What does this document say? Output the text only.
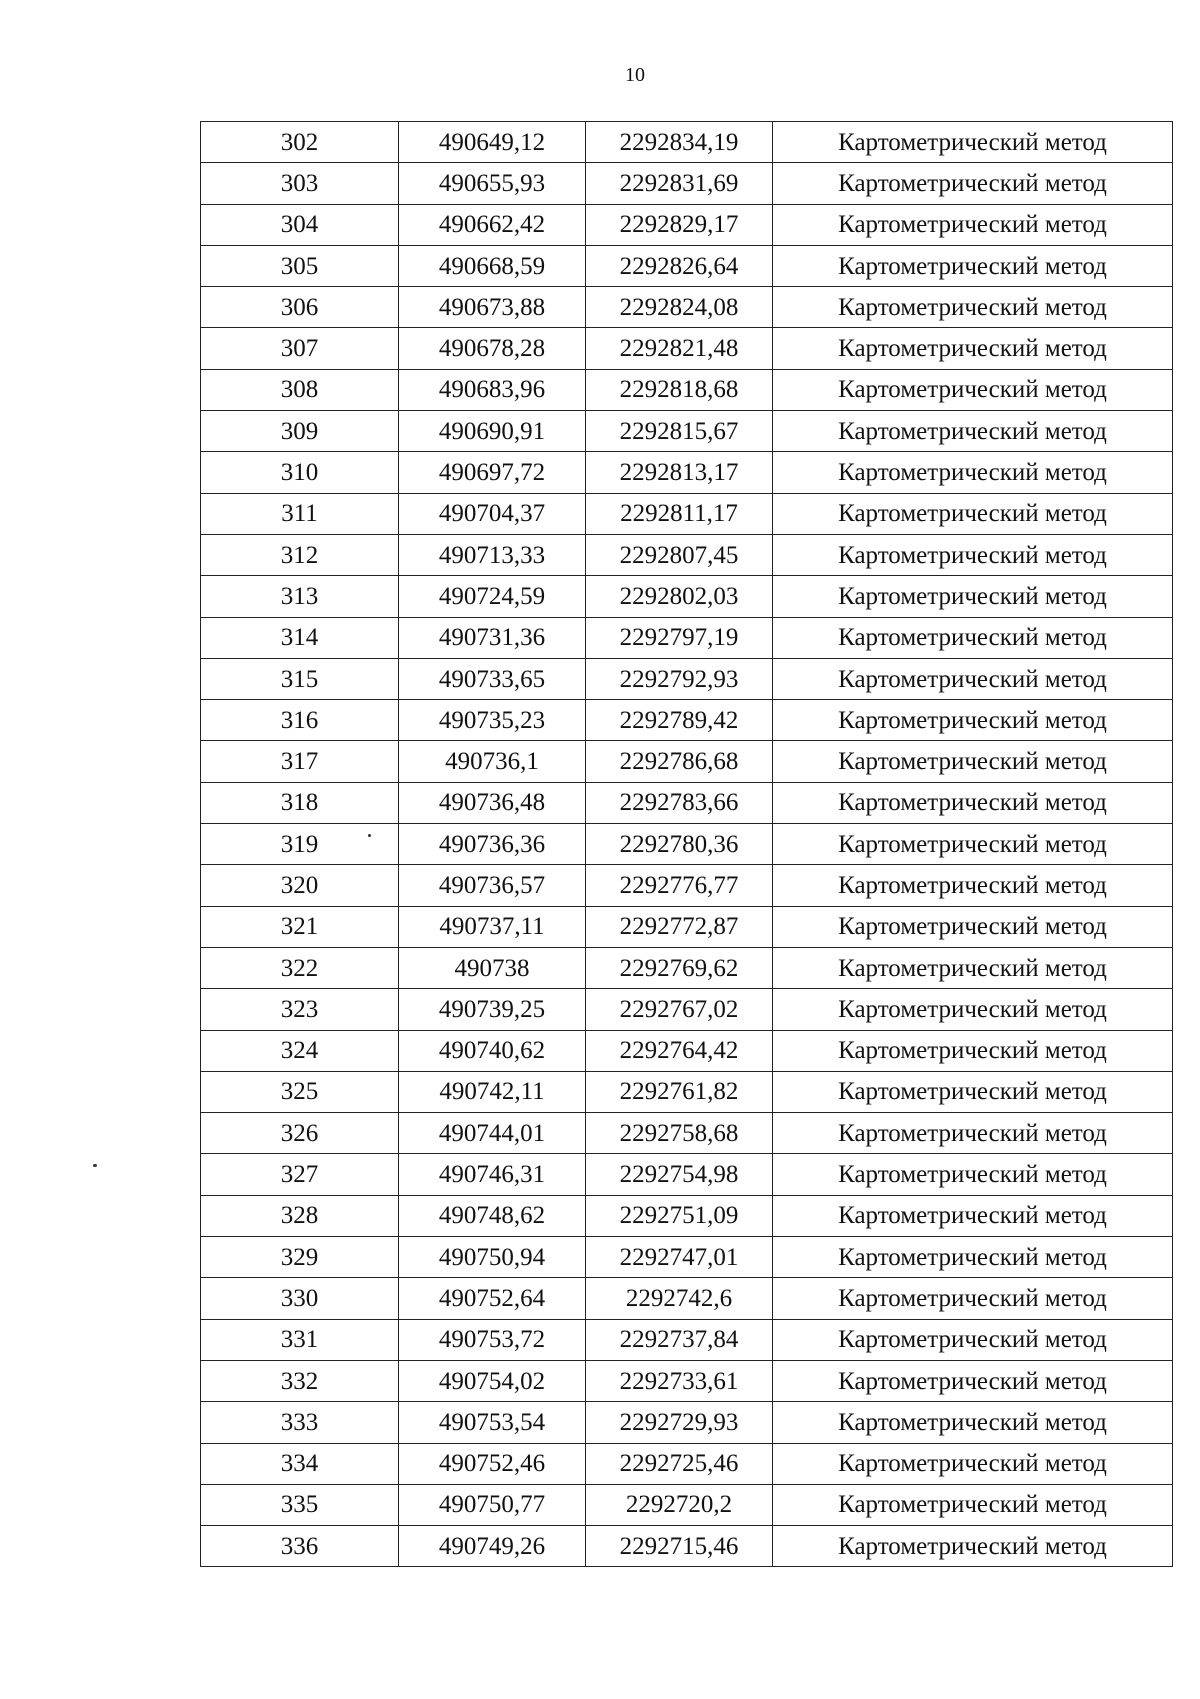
10
302	490649,12	2292834,19	Картометрический метод
303	490655,93	2292831,69	Картометрический метод
304	490662,42	2292829,17	Картометрический метод
305	490668,59	2292826,64	Картометрический метод
306	490673,88	2292824,08	Картометрический метод
307	490678,28	2292821,48	Картометрический метод
308	490683,96	2292818,68	Картометрический метод
309	490690,91	2292815,67	Картометрический метод
310	490697,72	2292813,17	Картометрический метод
311	490704,37	2292811,17	Картометрический метод
312	490713,33	2292807,45	Картометрический метод
313	490724,59	2292802,03	Картометрический метод
314	490731,36	2292797,19	Картометрический метод
315	490733,65	2292792,93	Картометрический метод
316	490735,23	2292789,42	Картометрический метод
317	490736,1	2292786,68	Картометрический метод
318	490736,48	2292783,66	Картометрический метод
319	490736,36	2292780,36	Картометрический метод
320	490736,57	2292776,77	Картометрический метод
321	490737,11	2292772,87	Картометрический метод
322	490738	2292769,62	Картометрический метод
323	490739,25	2292767,02	Картометрический метод
324	490740,62	2292764,42	Картометрический метод
325	490742,11	2292761,82	Картометрический метод
326	490744,01	2292758,68	Картометрический метод
327	490746,31	2292754,98	Картометрический метод
328	490748,62	2292751,09	Картометрический метод
329	490750,94	2292747,01	Картометрический метод
330	490752,64	2292742,6	Картометрический метод
331	490753,72	2292737,84	Картометрический метод
332	490754,02	2292733,61	Картометрический метод
333	490753,54	2292729,93	Картометрический метод
334	490752,46	2292725,46	Картометрический метод
335	490750,77	2292720,2	Картометрический метод
336	490749,26	2292715,46	Картометрический метод
